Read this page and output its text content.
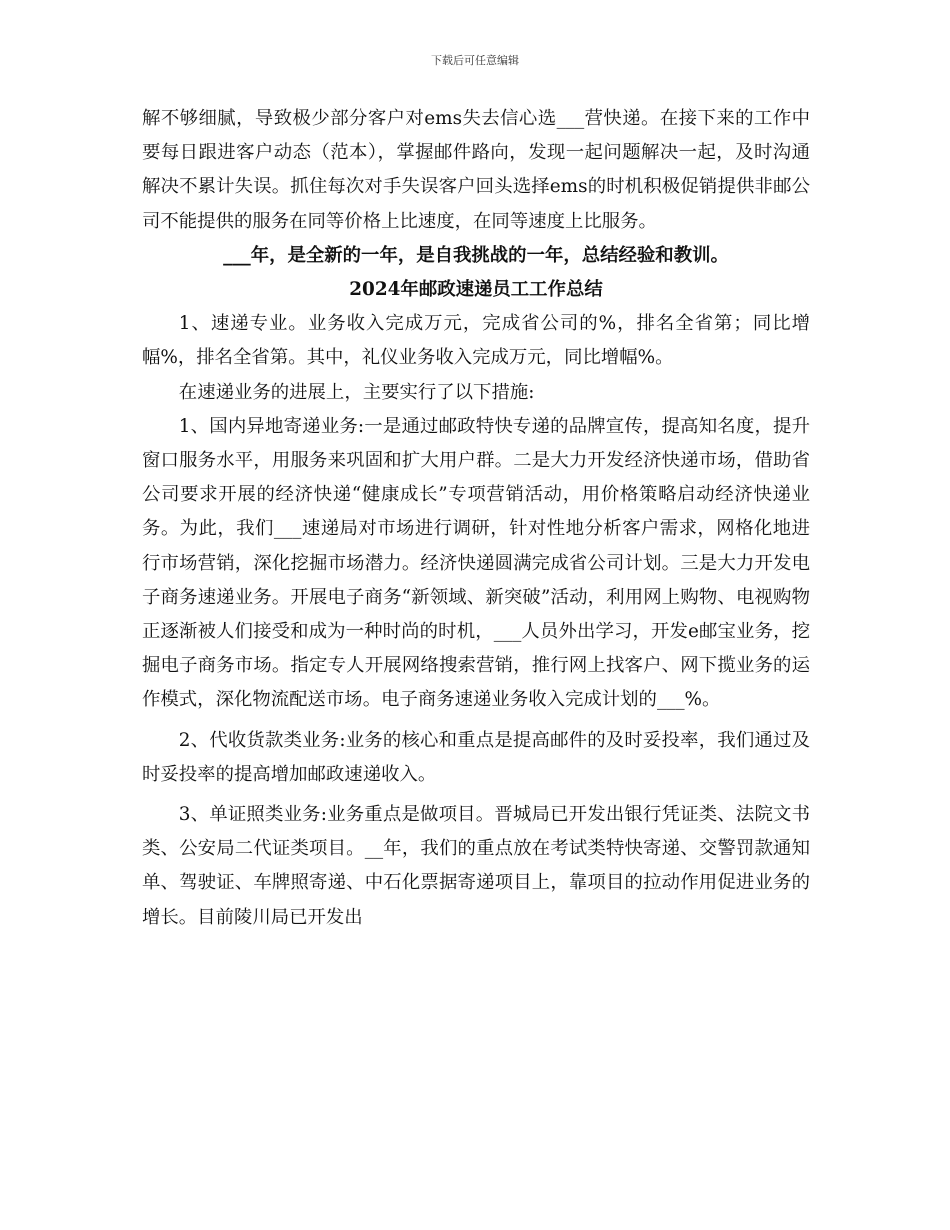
下载后可任意编辑

解不够细腻，导致极少部分客户对ems失去信心选___营快递。在接下来的工作中要每日跟进客户动态（范本），掌握邮件路向，发现一起问题解决一起，及时沟通解决不累计失误。抓住每次对手失误客户回头选择ems的时机积极促销提供非邮公司不能提供的服务在同等价格上比速度，在同等速度上比服务。

___年，是全新的一年，是自我挑战的一年，总结经验和教训。

2024年邮政速递员工工作总结

1、速递专业。业务收入完成万元，完成省公司的%，排名全省第；同比增幅%，排名全省第。其中，礼仪业务收入完成万元，同比增幅%。

在速递业务的进展上，主要实行了以下措施:

1、国内异地寄递业务:一是通过邮政特快专递的品牌宣传，提高知名度，提升窗口服务水平，用服务来巩固和扩大用户群。二是大力开发经济快递市场，借助省公司要求开展的经济快递“健康成长”专项营销活动，用价格策略启动经济快递业务。为此，我们___速递局对市场进行调研，针对性地分析客户需求，网格化地进行市场营销，深化挖掘市场潜力。经济快递圆满完成省公司计划。三是大力开发电子商务速递业务。开展电子商务“新领域、新突破”活动，利用网上购物、电视购物正逐渐被人们接受和成为一种时尚的时机，___人员外出学习，开发e邮宝业务，挖掘电子商务市场。指定专人开展网络搜索营销，推行网上找客户、网下揽业务的运作模式，深化物流配送市场。电子商务速递业务收入完成计划的___%。

2、代收货款类业务:业务的核心和重点是提高邮件的及时妥投率，我们通过及时妥投率的提高增加邮政速递收入。

3、单证照类业务:业务重点是做项目。晋城局已开发出银行凭证类、法院文书类、公安局二代证类项目。__年，我们的重点放在考试类特快寄递、交警罚款通知单、驾驶证、车牌照寄递、中石化票据寄递项目上，靠项目的拉动作用促进业务的增长。目前陵川局已开发出
